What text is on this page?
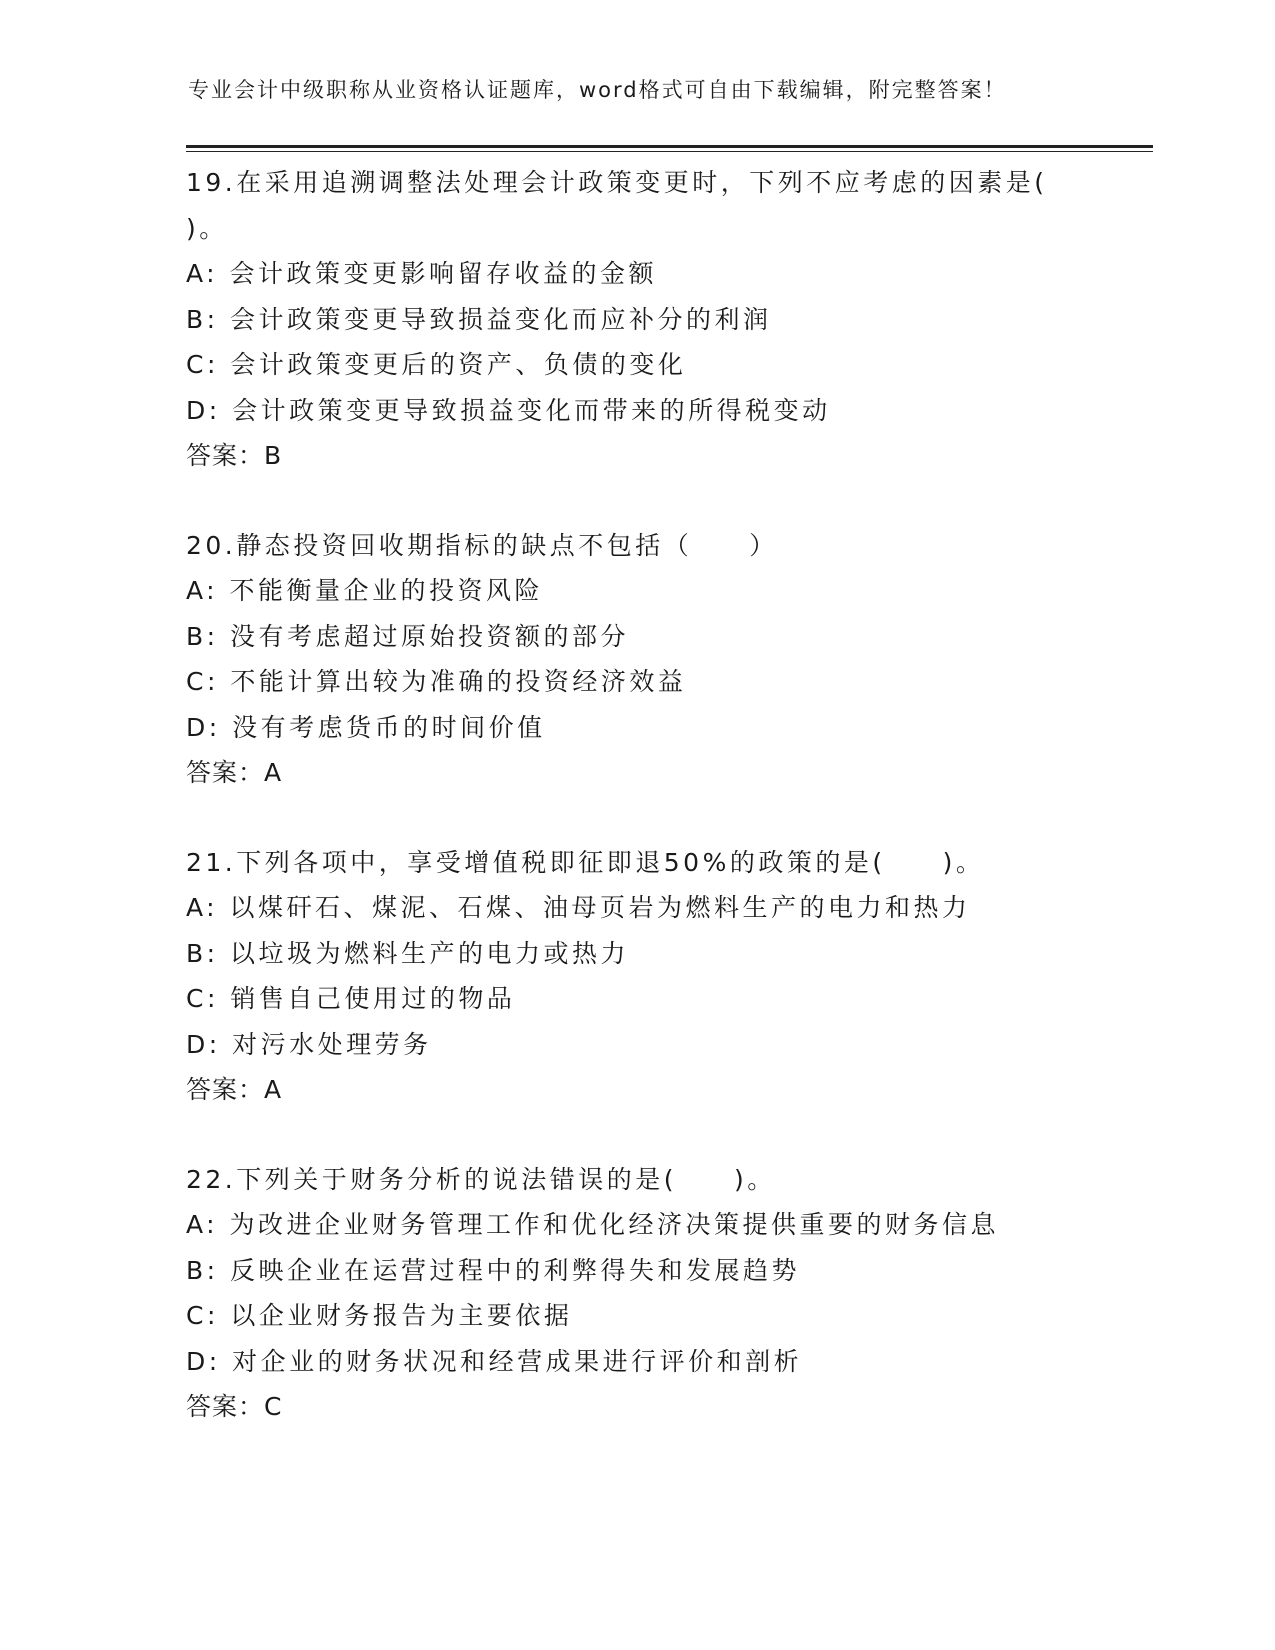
专业会计中级职称从业资格认证题库，word格式可自由下载编辑，附完整答案！
19.在采用追溯调整法处理会计政策变更时，下列不应考虑的因素是(
)。
A: 会计政策变更影响留存收益的金额
B: 会计政策变更导致损益变化而应补分的利润
C: 会计政策变更后的资产、负债的变化
D: 会计政策变更导致损益变化而带来的所得税变动
答案：B
20.静态投资回收期指标的缺点不包括（　　）
A: 不能衡量企业的投资风险
B: 没有考虑超过原始投资额的部分
C: 不能计算出较为准确的投资经济效益
D: 没有考虑货币的时间价值
答案：A
21.下列各项中，享受增值税即征即退50%的政策的是(　　)。
A: 以煤矸石、煤泥、石煤、油母页岩为燃料生产的电力和热力
B: 以垃圾为燃料生产的电力或热力
C: 销售自己使用过的物品
D: 对污水处理劳务
答案：A
22.下列关于财务分析的说法错误的是(　　)。
A: 为改进企业财务管理工作和优化经济决策提供重要的财务信息
B: 反映企业在运营过程中的利弊得失和发展趋势
C: 以企业财务报告为主要依据
D: 对企业的财务状况和经营成果进行评价和剖析
答案：C
